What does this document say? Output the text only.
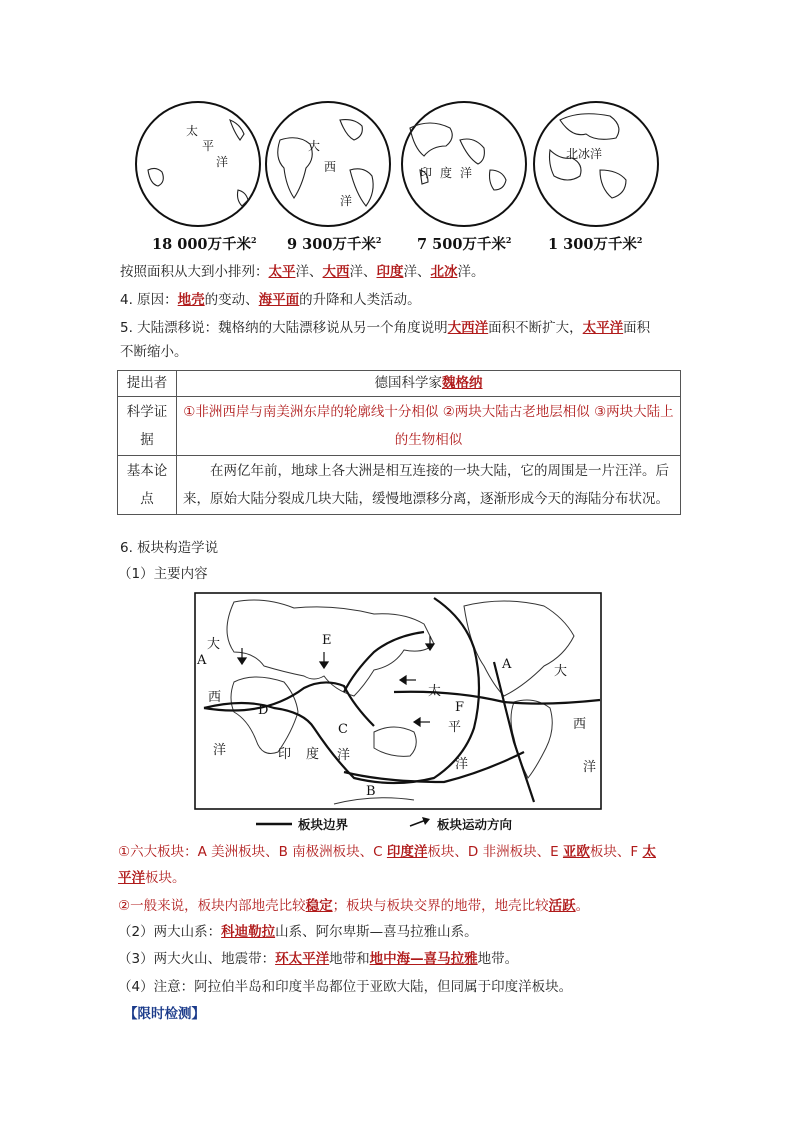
太
平
洋
大
西
洋
印 度 洋
北冰洋
18 000万千米$^2$ 9 300万千米$^2$ 7 500万千米$^2$	1 300万千米$^2$
按照面积从大到小排列：太平洋、大西洋、印度洋、北冰洋。
4. 原因：地壳的变动、海平面的升降和人类活动。
5. 大陆漂移说：魏格纳的大陆漂移说从另一个角度说明大西洋面积不断扩大，太平洋面积
不断缩小。
提出者	德国科学家魏格纳
科学证据	①非洲西岸与南美洲东岸的轮廓线十分相似 ②两块大陆古老地层相似 ③两块大陆上的生物相似
基本论点	在两亿年前，地球上各大洲是相互连接的一块大陆，它的周围是一片汪洋。后来，原始大陆分裂成几块大陆，缓慢地漂移分离，逐渐形成今天的海陆分布状况。
6. 板块构造学说
（1）主要内容
大	E
A
西
D
洋	印 度
C
洋
太
F
平
洋
A	大
西
洋
B
板块边界	板块运动方向
①六大板块：A 美洲板块、B 南极洲板块、C 印度洋板块、D 非洲板块、E 亚欧板块、F 太
平洋板块。
②一般来说，板块内部地壳比较稳定；板块与板块交界的地带，地壳比较活跃。
（2）两大山系：科迪勒拉山系、阿尔卑斯—喜马拉雅山系。
（3）两大火山、地震带：环太平洋地带和地中海—喜马拉雅地带。
（4）注意：阿拉伯半岛和印度半岛都位于亚欧大陆，但同属于印度洋板块。
【限时检测】
